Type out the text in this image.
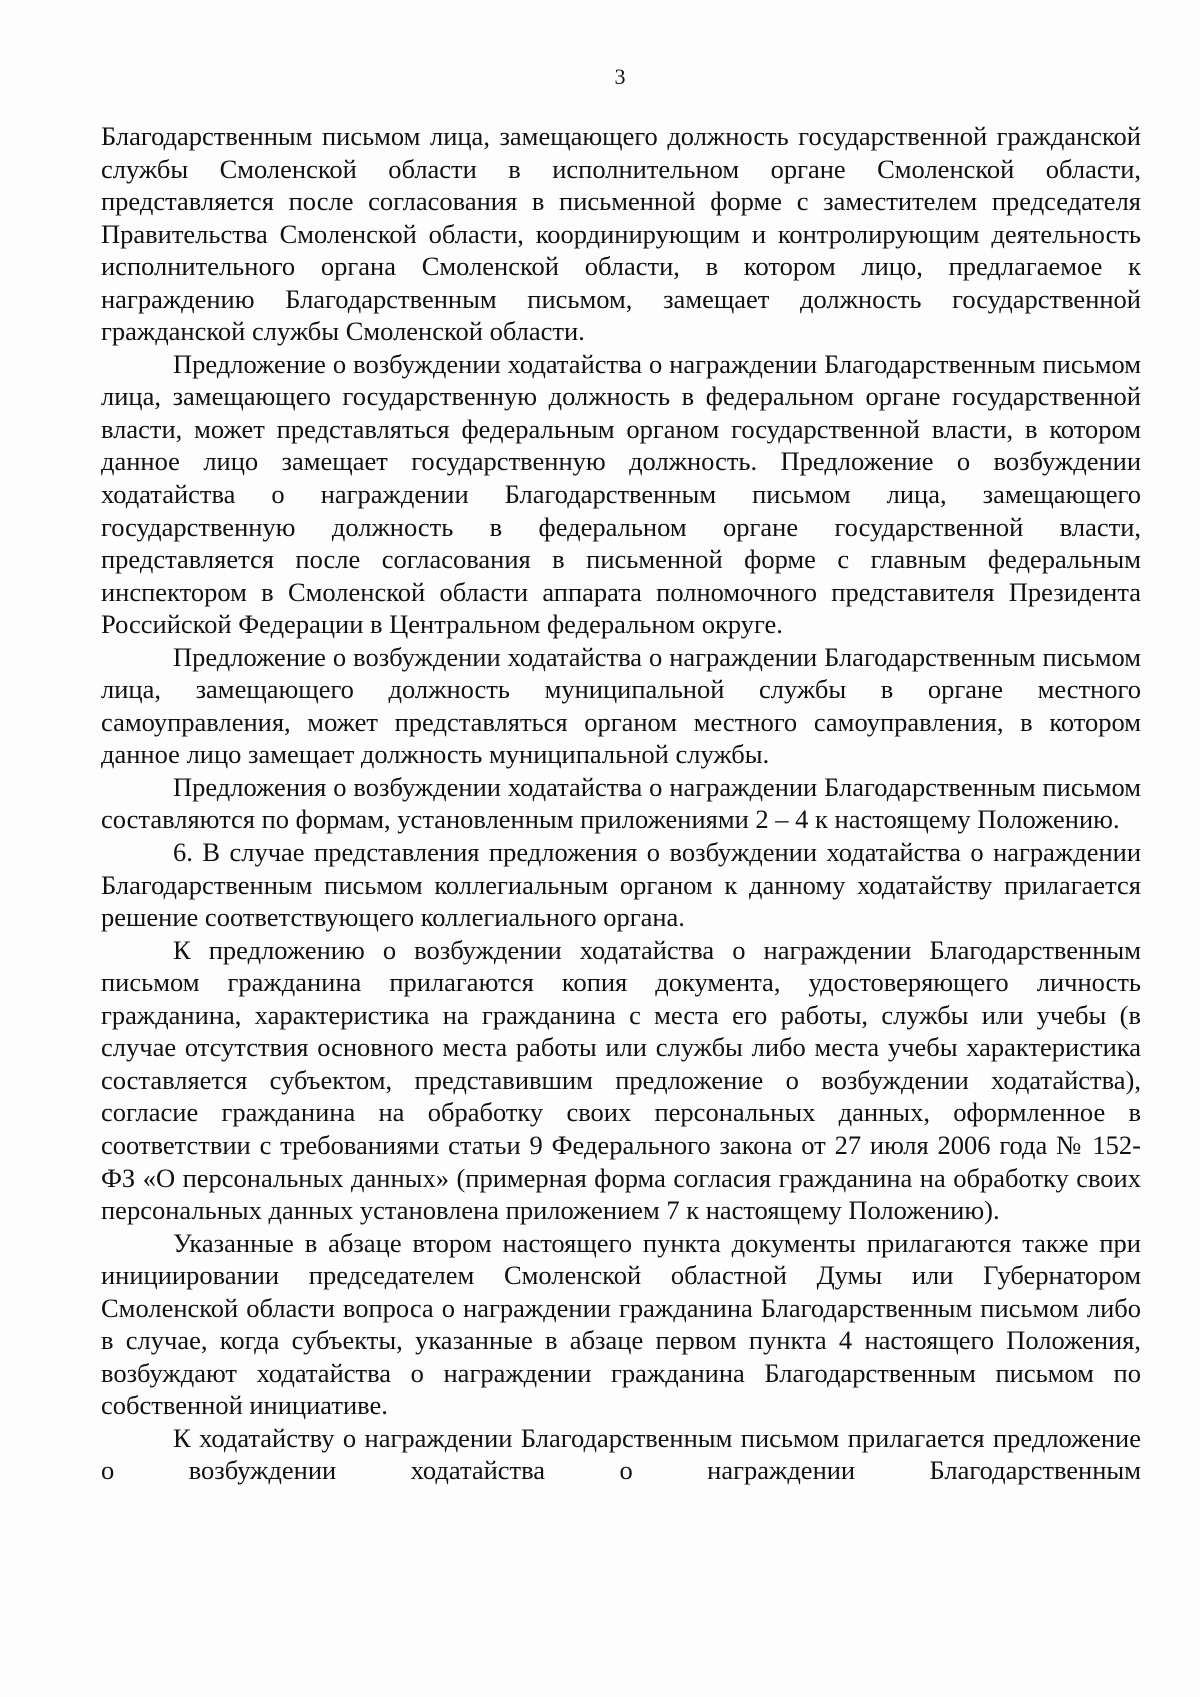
3

Благодарственным письмом лица, замещающего должность государственной гражданской службы Смоленской области в исполнительном органе Смоленской области, представляется после согласования в письменной форме с заместителем председателя Правительства Смоленской области, координирующим и контролирующим деятельность исполнительного органа Смоленской области, в котором лицо, предлагаемое к награждению Благодарственным письмом, замещает должность государственной гражданской службы Смоленской области.

Предложение о возбуждении ходатайства о награждении Благодарственным письмом лица, замещающего государственную должность в федеральном органе государственной власти, может представляться федеральным органом государственной власти, в котором данное лицо замещает государственную должность. Предложение о возбуждении ходатайства о награждении Благодарственным письмом лица, замещающего государственную должность в федеральном органе государственной власти, представляется после согласования в письменной форме с главным федеральным инспектором в Смоленской области аппарата полномочного представителя Президента Российской Федерации в Центральном федеральном округе.

Предложение о возбуждении ходатайства о награждении Благодарственным письмом лица, замещающего должность муниципальной службы в органе местного самоуправления, может представляться органом местного самоуправления, в котором данное лицо замещает должность муниципальной службы.

Предложения о возбуждении ходатайства о награждении Благодарственным письмом составляются по формам, установленным приложениями 2 – 4 к настоящему Положению.

6. В случае представления предложения о возбуждении ходатайства о награждении Благодарственным письмом коллегиальным органом к данному ходатайству прилагается решение соответствующего коллегиального органа.

К предложению о возбуждении ходатайства о награждении Благодарственным письмом гражданина прилагаются копия документа, удостоверяющего личность гражданина, характеристика на гражданина с места его работы, службы или учебы (в случае отсутствия основного места работы или службы либо места учебы характеристика составляется субъектом, представившим предложение о возбуждении ходатайства), согласие гражданина на обработку своих персональных данных, оформленное в соответствии с требованиями статьи 9 Федерального закона от 27 июля 2006 года № 152-ФЗ «О персональных данных» (примерная форма согласия гражданина на обработку своих персональных данных установлена приложением 7 к настоящему Положению).

Указанные в абзаце втором настоящего пункта документы прилагаются также при инициировании председателем Смоленской областной Думы или Губернатором Смоленской области вопроса о награждении гражданина Благодарственным письмом либо в случае, когда субъекты, указанные в абзаце первом пункта 4 настоящего Положения, возбуждают ходатайства о награждении гражданина Благодарственным письмом по собственной инициативе.

К ходатайству о награждении Благодарственным письмом прилагается предложение о возбуждении ходатайства о награждении Благодарственным
